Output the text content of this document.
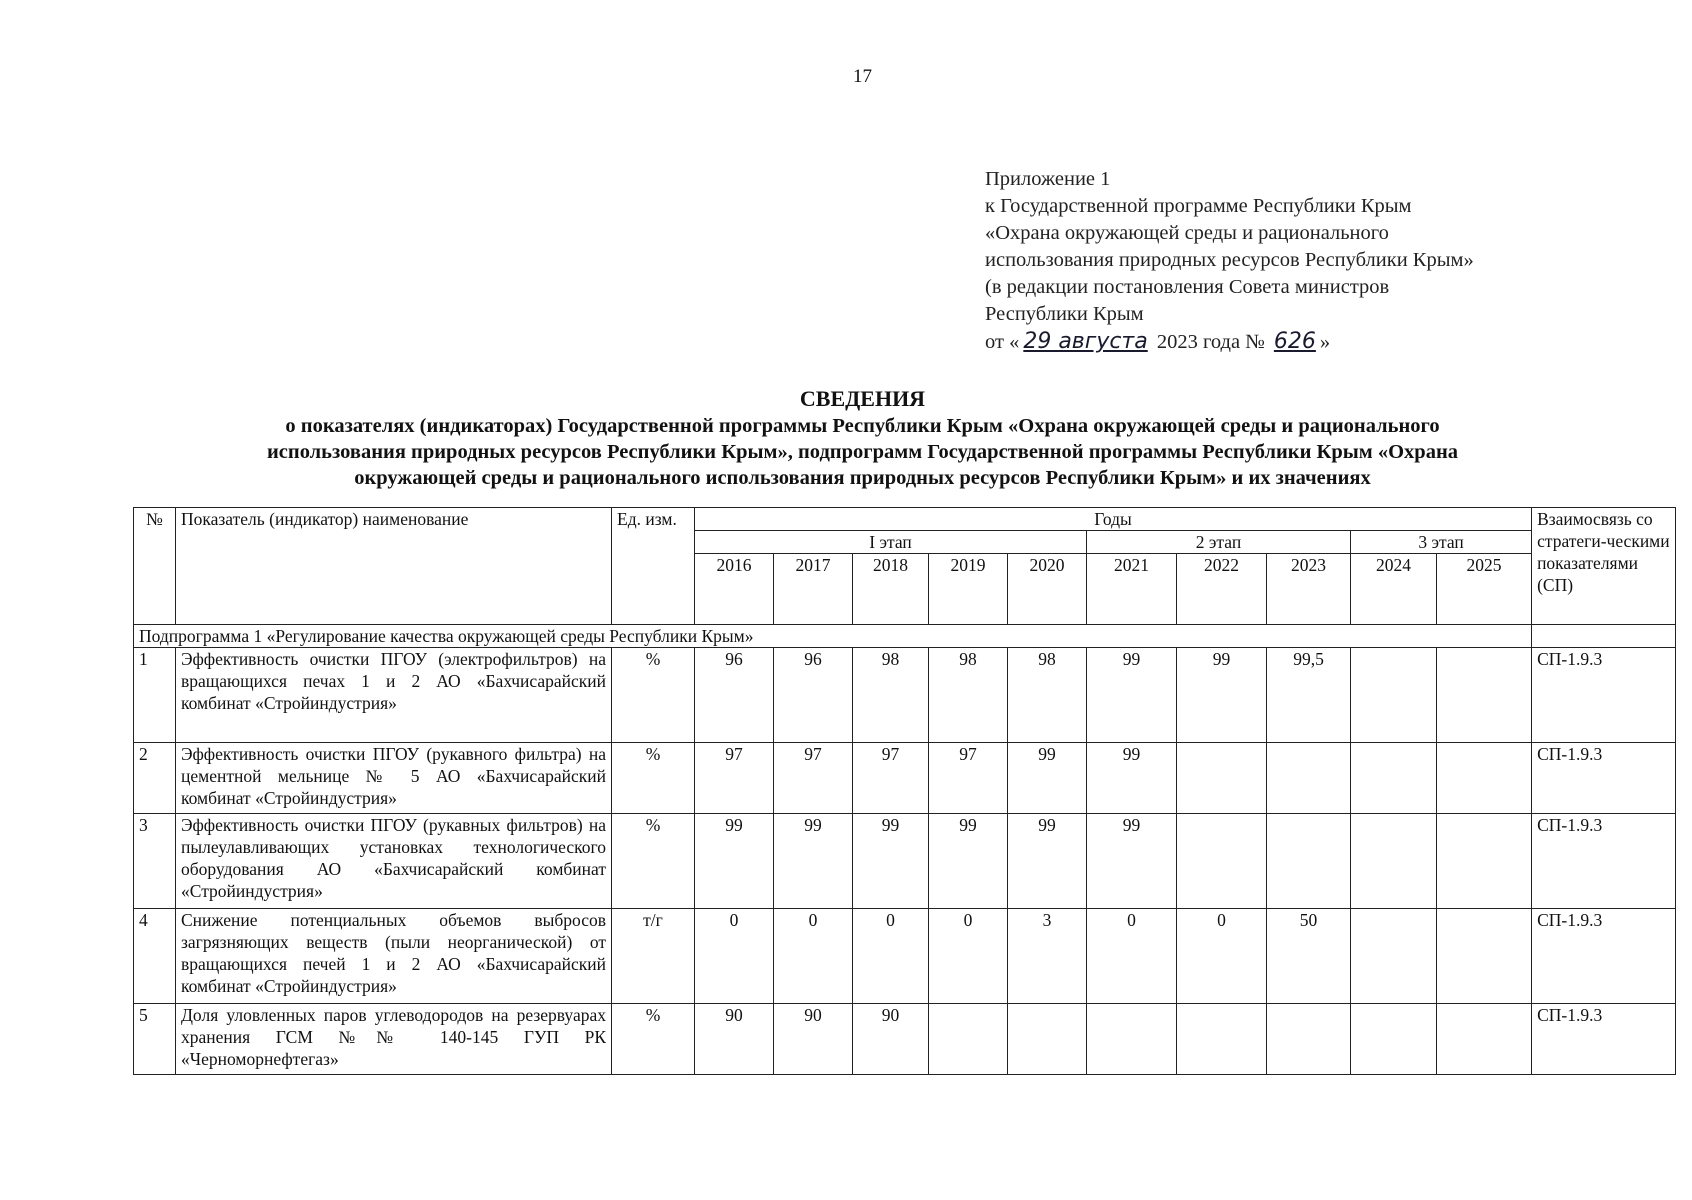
17
Приложение 1
к Государственной программе Республики Крым
«Охрана окружающей среды и рационального
использования природных ресурсов Республики Крым»
(в редакции постановления Совета министров
Республики Крым
от « 29 августа 2023 года № 626 »
СВЕДЕНИЯ
о показателях (индикаторах) Государственной программы Республики Крым «Охрана окружающей среды и рационального
использования природных ресурсов Республики Крым», подпрограмм Государственной программы Республики Крым «Охрана
окружающей среды и рационального использования природных ресурсов Республики Крым» и их значениях
№	Показатель (индикатор) наименование	Ед. изм.	Годы										Взаимосвязь со стратеги-ческими показателями (СП)
			I этап					2 этап			3 этап		
			2016	2017	2018	2019	2020	2021	2022	2023	2024	2025	
Подпрограмма 1 «Регулирование качества окружающей среды Республики Крым»													
1	Эффективность очистки ПГОУ (электрофильтров) на вращающихся печах 1 и 2 АО «Бахчисарайский комбинат «Стройиндустрия»	%	96	96	98	98	98	99	99	99,5			СП-1.9.3
2	Эффективность очистки ПГОУ (рукавного фильтра) на цементной мельнице № 5 АО «Бахчисарайский комбинат «Стройиндустрия»	%	97	97	97	97	99	99					СП-1.9.3
3	Эффективность очистки ПГОУ (рукавных фильтров) на пылеулавливающих установках технологического оборудования АО «Бахчисарайский комбинат «Стройиндустрия»	%	99	99	99	99	99	99					СП-1.9.3
4	Снижение потенциальных объемов выбросов загрязняющих веществ (пыли неорганической) от вращающихся печей 1 и 2 АО «Бахчисарайский комбинат «Стройиндустрия»	т/г	0	0	0	0	3	0	0	50			СП-1.9.3
5	Доля уловленных паров углеводородов на резервуарах хранения ГСМ №№ 140-145 ГУП РК «Черноморнефтегаз»	%	90	90	90								СП-1.9.3
